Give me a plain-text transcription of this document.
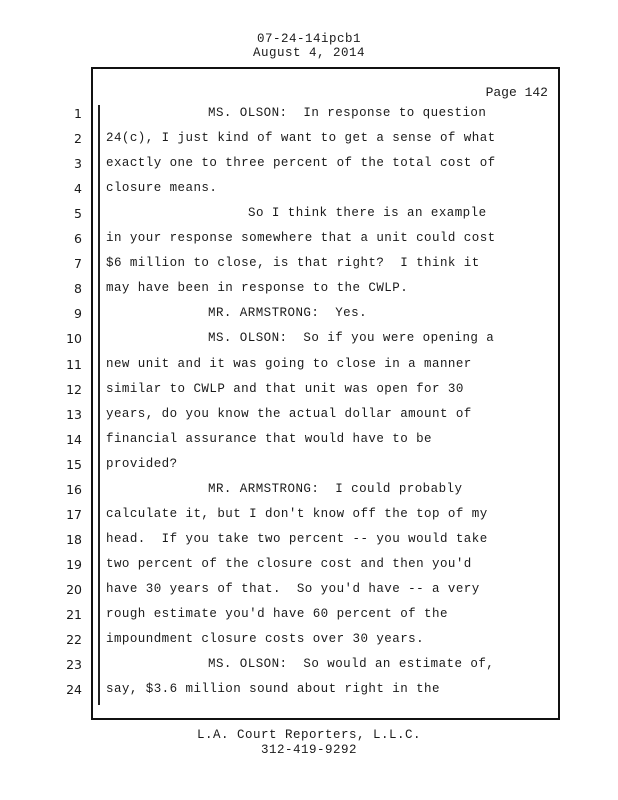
07-24-14ipcb1
August 4, 2014
Page 142
1	MS. OLSON:  In response to question
2 24(c), I just kind of want to get a sense of what
3 exactly one to three percent of the total cost of
4 closure means.
5	So I think there is an example
6 in your response somewhere that a unit could cost
7 $6 million to close, is that right?  I think it
8 may have been in response to the CWLP.
9	MR. ARMSTRONG:  Yes.
10	MS. OLSON:  So if you were opening a
11 new unit and it was going to close in a manner
12 similar to CWLP and that unit was open for 30
13 years, do you know the actual dollar amount of
14 financial assurance that would have to be
15 provided?
16	MR. ARMSTRONG:  I could probably
17 calculate it, but I don't know off the top of my
18 head.  If you take two percent -- you would take
19 two percent of the closure cost and then you'd
20 have 30 years of that.  So you'd have -- a very
21 rough estimate you'd have 60 percent of the
22 impoundment closure costs over 30 years.
23	MS. OLSON:  So would an estimate of,
24 say, $3.6 million sound about right in the
L.A. Court Reporters, L.L.C.
312-419-9292
